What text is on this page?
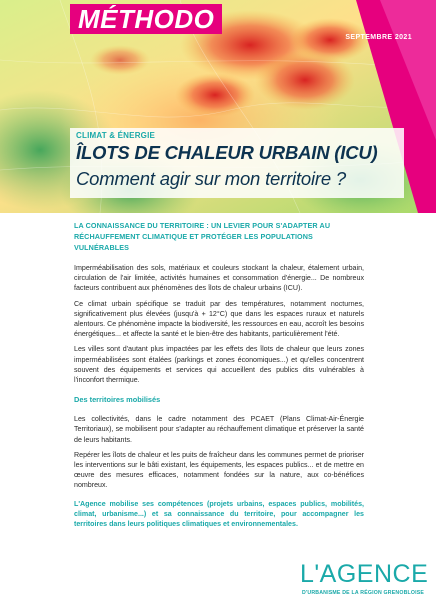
MÉTHODO
SEPTEMBRE 2021
CLIMAT & ÉNERGIE
ÎLOTS DE CHALEUR URBAIN (ICU)
Comment agir sur mon territoire ?

LA CONNAISSANCE DU TERRITOIRE : UN LEVIER POUR S'ADAPTER AU RÉCHAUFFEMENT CLIMATIQUE ET PROTÉGER LES POPULATIONS VULNÉRABLES

Imperméabilisation des sols, matériaux et couleurs stockant la chaleur, étalement urbain, circulation de l'air limitée, activités humaines et consommation d'énergie... De nombreux facteurs contribuent aux phénomènes des îlots de chaleur urbains (ICU).

Ce climat urbain spécifique se traduit par des températures, notamment nocturnes, significativement plus élevées (jusqu'à + 12°C) que dans les espaces ruraux et naturels alentours. Ce phénomène impacte la biodiversité, les ressources en eau, accroît les besoins énergétiques... et affecte la santé et le bien-être des habitants, particulièrement l'été.

Les villes sont d'autant plus impactées par les effets des îlots de chaleur que leurs zones imperméabilisées sont étalées (parkings et zones économiques...) et qu'elles concentrent souvent des équipements et services qui accueillent des publics dits vulnérables à l'inconfort thermique.

Des territoires mobilisés

Les collectivités, dans le cadre notamment des PCAET (Plans Climat-Air-Énergie Territoriaux), se mobilisent pour s'adapter au réchauffement climatique et préserver la santé de leurs habitants.

Repérer les îlots de chaleur et les puits de fraîcheur dans les communes permet de prioriser les interventions sur le bâti existant, les équipements, les espaces publics... et de mettre en œuvre des mesures efficaces, notamment fondées sur la nature, aux co-bénéfices nombreux.

L'Agence mobilise ses compétences (projets urbains, espaces publics, mobilités, climat, urbanisme...) et sa connaissance du territoire, pour accompagner les territoires dans leurs politiques climatiques et environnementales.

L'AGENCE
D'URBANISME DE LA RÉGION GRENOBLOISE
